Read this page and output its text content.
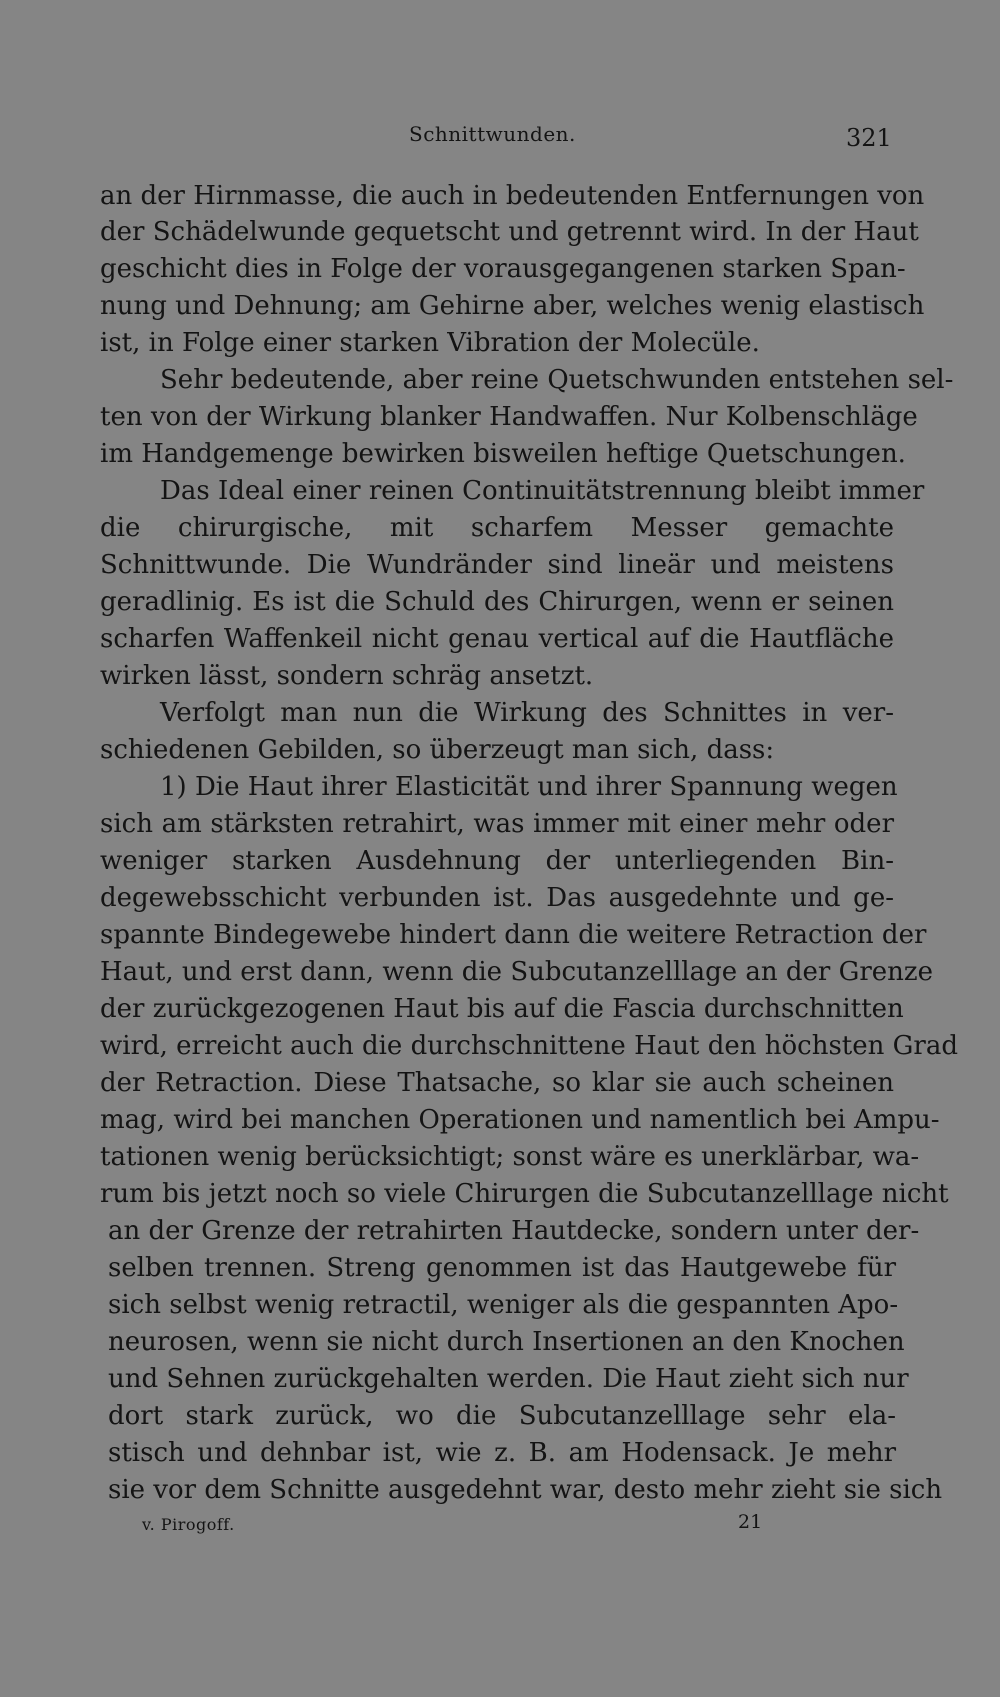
Schnittwunden.	321
an der Hirnmasse, die auch in bedeutenden Entfernungen von
der Schädelwunde gequetscht und getrennt wird. In der Haut
geschicht dies in Folge der vorausgegangenen starken Span-
nung und Dehnung; am Gehirne aber, welches wenig elastisch
ist, in Folge einer starken Vibration der Molecüle.
Sehr bedeutende, aber reine Quetschwunden entstehen sel-
ten von der Wirkung blanker Handwaffen. Nur Kolbenschläge
im Handgemenge bewirken bisweilen heftige Quetschungen.
Das Ideal einer reinen Continuitätstrennung bleibt immer
die chirurgische, mit scharfem Messer gemachte
Schnittwunde. Die Wundränder sind lineär und meistens
geradlinig. Es ist die Schuld des Chirurgen, wenn er seinen
scharfen Waffenkeil nicht genau vertical auf die Hautfläche
wirken lässt, sondern schräg ansetzt.
Verfolgt man nun die Wirkung des Schnittes in ver-
schiedenen Gebilden, so überzeugt man sich, dass:
1) Die Haut ihrer Elasticität und ihrer Spannung wegen
sich am stärksten retrahirt, was immer mit einer mehr oder
weniger starken Ausdehnung der unterliegenden Bin-
degewebsschicht verbunden ist. Das ausgedehnte und ge-
spannte Bindegewebe hindert dann die weitere Retraction der
Haut, und erst dann, wenn die Subcutanzelllage an der Grenze
der zurückgezogenen Haut bis auf die Fascia durchschnitten
wird, erreicht auch die durchschnittene Haut den höchsten Grad
der Retraction. Diese Thatsache, so klar sie auch scheinen
mag, wird bei manchen Operationen und namentlich bei Ampu-
tationen wenig berücksichtigt; sonst wäre es unerklärbar, wa-
rum bis jetzt noch so viele Chirurgen die Subcutanzelllage nicht
an der Grenze der retrahirten Hautdecke, sondern unter der-
selben trennen. Streng genommen ist das Hautgewebe für
sich selbst wenig retractil, weniger als die gespannten Apo-
neurosen, wenn sie nicht durch Insertionen an den Knochen
und Sehnen zurückgehalten werden. Die Haut zieht sich nur
dort stark zurück, wo die Subcutanzelllage sehr ela-
stisch und dehnbar ist, wie z. B. am Hodensack. Je mehr
sie vor dem Schnitte ausgedehnt war, desto mehr zieht sie sich
v. Pirogoff.	21
